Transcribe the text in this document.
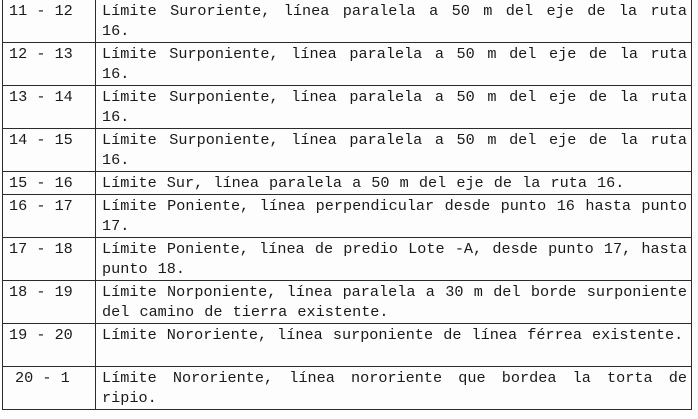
11 - 12	Límite Suroriente, línea paralela a 50 m del eje de la ruta 16.
12 - 13	Límite Surponiente, línea paralela a 50 m del eje de la ruta 16.
13 - 14	Límite Surponiente, línea paralela a 50 m del eje de la ruta 16.
14 - 15	Límite Surponiente, línea paralela a 50 m del eje de la ruta 16.
15 - 16	Límite Sur, línea paralela a 50 m del eje de la ruta 16.
16 - 17	Límite Poniente, línea perpendicular desde punto 16 hasta punto 17.
17 - 18	Límite Poniente, línea de predio Lote -A, desde punto 17, hasta punto 18.
18 - 19	Límite Norponiente, línea paralela a 30 m del borde surponiente del camino de tierra existente.
19 - 20	Límite Nororiente, línea surponiente de línea férrea existente.
20 - 1	Límite Nororiente, línea nororiente que bordea la torta de ripio.
